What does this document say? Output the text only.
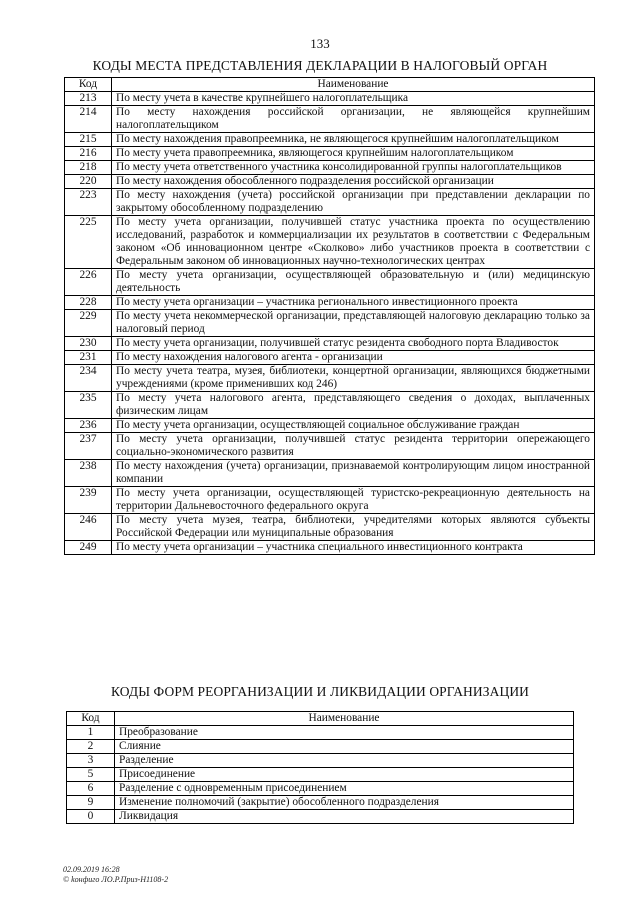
133
КОДЫ МЕСТА ПРЕДСТАВЛЕНИЯ ДЕКЛАРАЦИИ В НАЛОГОВЫЙ ОРГАН
Код	Наименование
213	По месту учета в качестве крупнейшего налогоплательщика
214	По месту нахождения российской организации, не являющейся крупнейшим налогоплательщиком
215	По месту нахождения правопреемника, не являющегося крупнейшим налогоплательщиком
216	По месту учета правопреемника, являющегося крупнейшим налогоплательщиком
218	По месту учета ответственного участника консолидированной группы налогоплательщиков
220	По месту нахождения обособленного подразделения российской организации
223	По месту нахождения (учета) российской организации при представлении декларации по закрытому обособленному подразделению
225	По месту учета организации, получившей статус участника проекта по осуществлению исследований, разработок и коммерциализации их результатов в соответствии с Федеральным законом «Об инновационном центре «Сколково» либо участников проекта в соответствии с Федеральным законом об инновационных научно-технологических центрах
226	По месту учета организации, осуществляющей образовательную и (или) медицинскую деятельность
228	По месту учета организации – участника регионального инвестиционного проекта
229	По месту учета некоммерческой организации, представляющей налоговую декларацию только за налоговый период
230	По месту учета организации, получившей статус резидента свободного порта Владивосток
231	По месту нахождения налогового агента - организации
234	По месту учета театра, музея, библиотеки, концертной организации, являющихся бюджетными учреждениями (кроме применивших код 246)
235	По месту учета налогового агента, представляющего сведения о доходах, выплаченных физическим лицам
236	По месту учета организации, осуществляющей социальное обслуживание граждан
237	По месту учета организации, получившей статус резидента территории опережающего социально-экономического развития
238	По месту нахождения (учета) организации, признаваемой контролирующим лицом иностранной компании
239	По месту учета организации, осуществляющей туристско-рекреационную деятельность на территории Дальневосточного федерального округа
246	По месту учета музея, театра, библиотеки, учредителями которых являются субъекты Российской Федерации или муниципальные образования
249	По месту учета организации – участника специального инвестиционного контракта
КОДЫ ФОРМ РЕОРГАНИЗАЦИИ И ЛИКВИДАЦИИ ОРГАНИЗАЦИИ
Код	Наименование
1	Преобразование
2	Слияние
3	Разделение
5	Присоединение
6	Разделение с одновременным присоединением
9	Изменение полномочий (закрытие) обособленного подразделения
0	Ликвидация
02.09.2019 16:28
© kонфuго ЛО.Р.Прuз-Н1108-2
